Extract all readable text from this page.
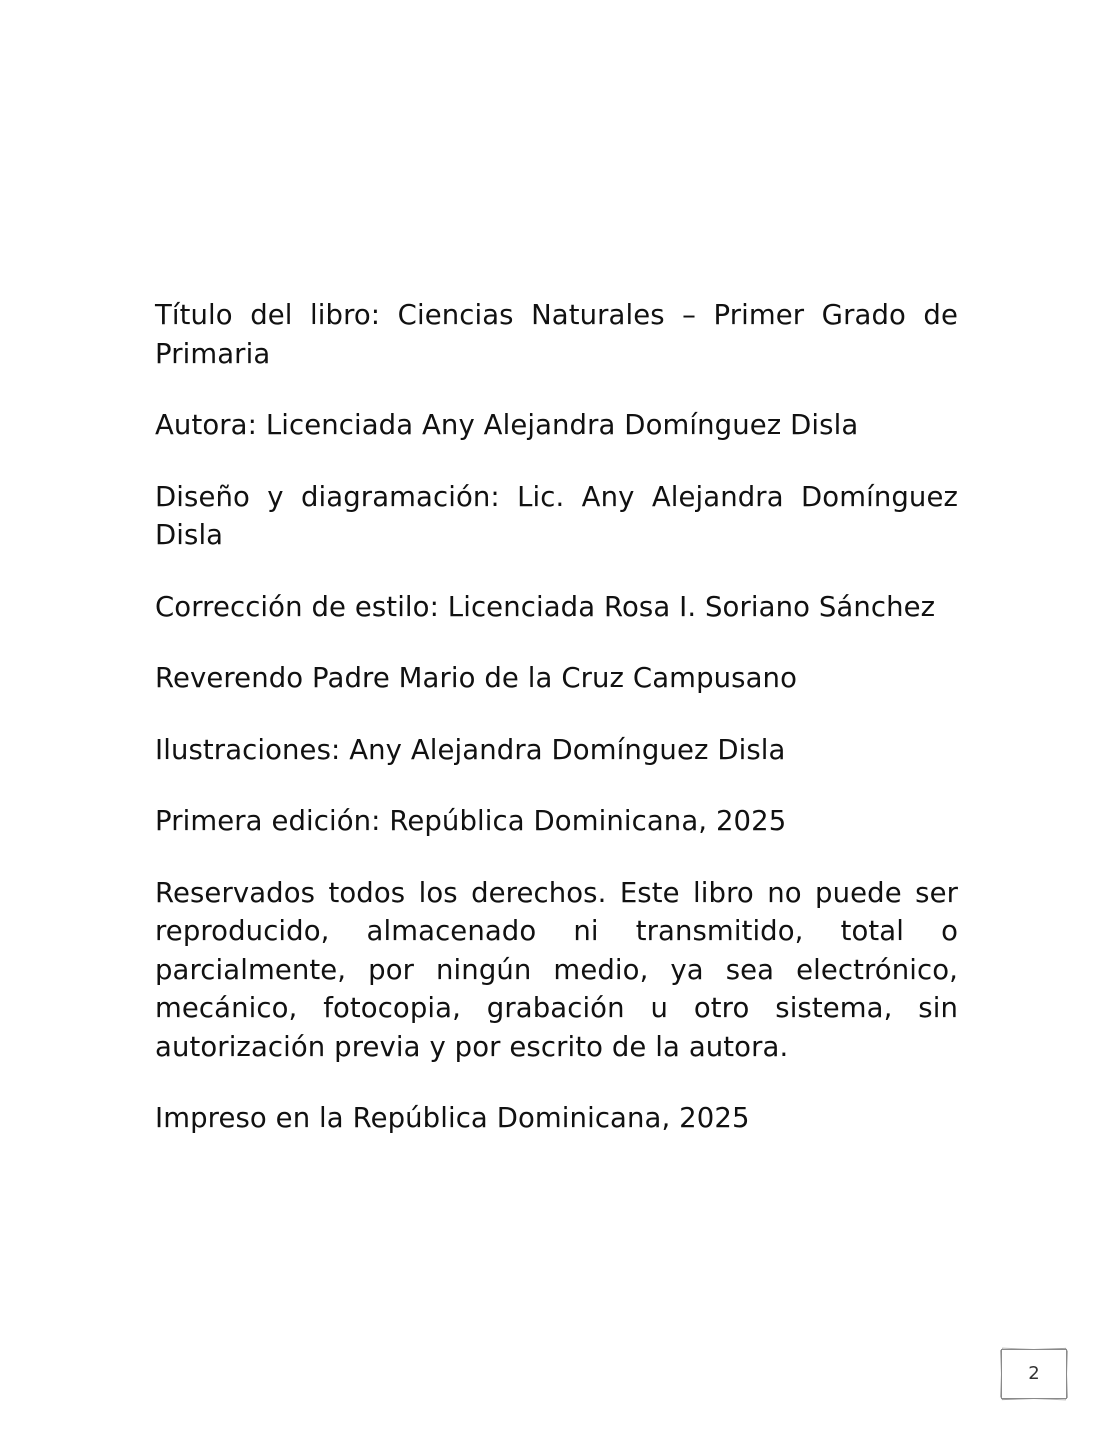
Título del libro: Ciencias Naturales – Primer Grado de Primaria

Autora: Licenciada Any Alejandra Domínguez Disla

Diseño y diagramación: Lic. Any Alejandra Domínguez Disla

Corrección de estilo: Licenciada Rosa I. Soriano Sánchez

Reverendo Padre Mario de la Cruz Campusano

Ilustraciones: Any Alejandra Domínguez Disla

Primera edición: República Dominicana, 2025

Reservados todos los derechos. Este libro no puede ser reproducido, almacenado ni transmitido, total o parcialmente, por ningún medio, ya sea electrónico, mecánico, fotocopia, grabación u otro sistema, sin autorización previa y por escrito de la autora.

Impreso en la República Dominicana, 2025

2
